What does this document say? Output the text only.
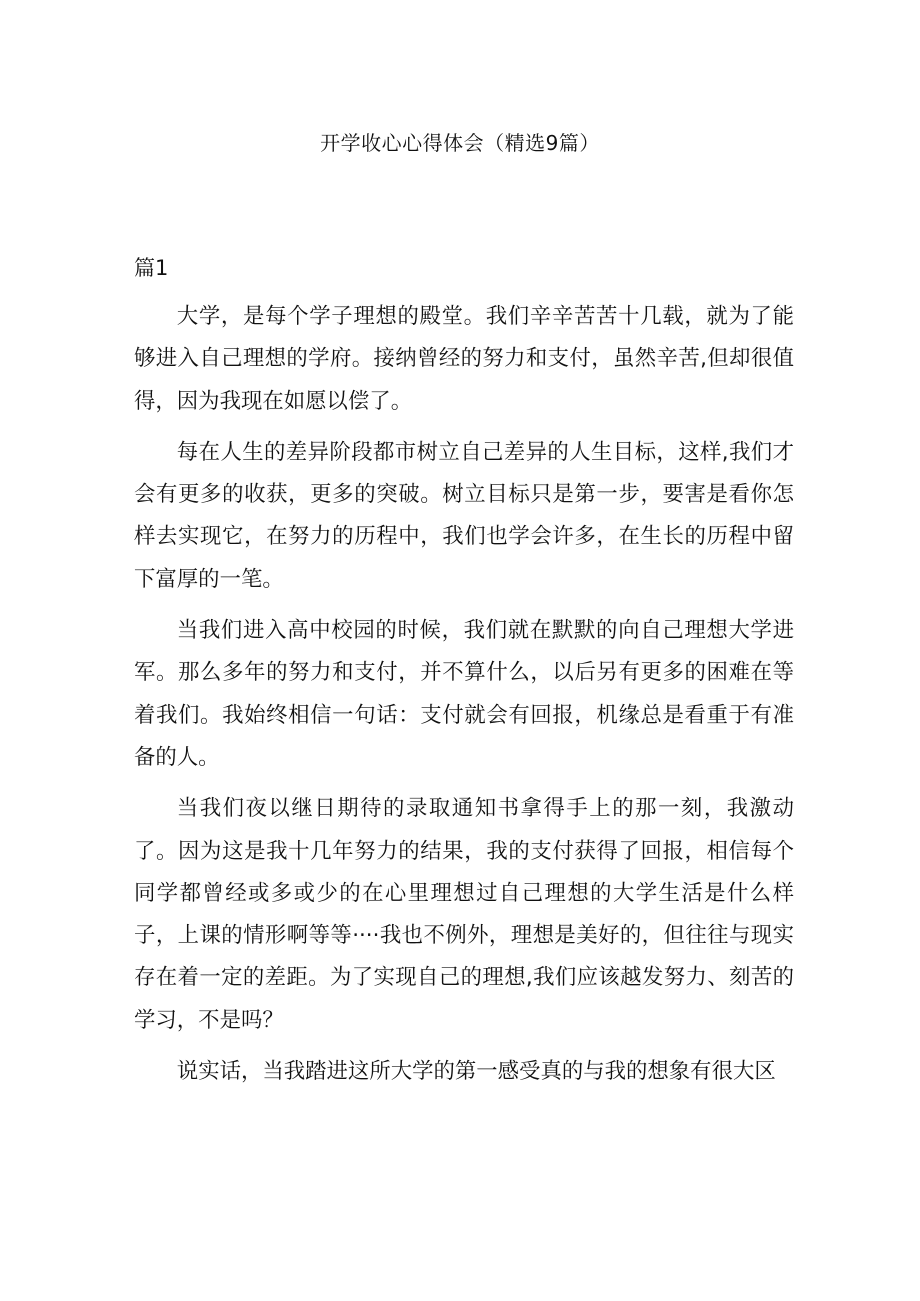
开学收心心得体会（精选9篇）
篇1

大学，是每个学子理想的殿堂。我们辛辛苦苦十几载，就为了能够进入自己理想的学府。接纳曾经的努力和支付，虽然辛苦,但却很值得，因为我现在如愿以偿了。

每在人生的差异阶段都市树立自己差异的人生目标，这样,我们才会有更多的收获，更多的突破。树立目标只是第一步，要害是看你怎样去实现它，在努力的历程中，我们也学会许多，在生长的历程中留下富厚的一笔。

当我们进入高中校园的时候，我们就在默默的向自己理想大学进军。那么多年的努力和支付，并不算什么，以后另有更多的困难在等着我们。我始终相信一句话：支付就会有回报，机缘总是看重于有准备的人。

当我们夜以继日期待的录取通知书拿得手上的那一刻，我激动了。因为这是我十几年努力的结果，我的支付获得了回报，相信每个同学都曾经或多或少的在心里理想过自己理想的大学生活是什么样子，上课的情形啊等等····我也不例外，理想是美好的，但往往与现实存在着一定的差距。为了实现自己的理想,我们应该越发努力、刻苦的学习，不是吗？

说实话，当我踏进这所大学的第一感受真的与我的想象有很大区
